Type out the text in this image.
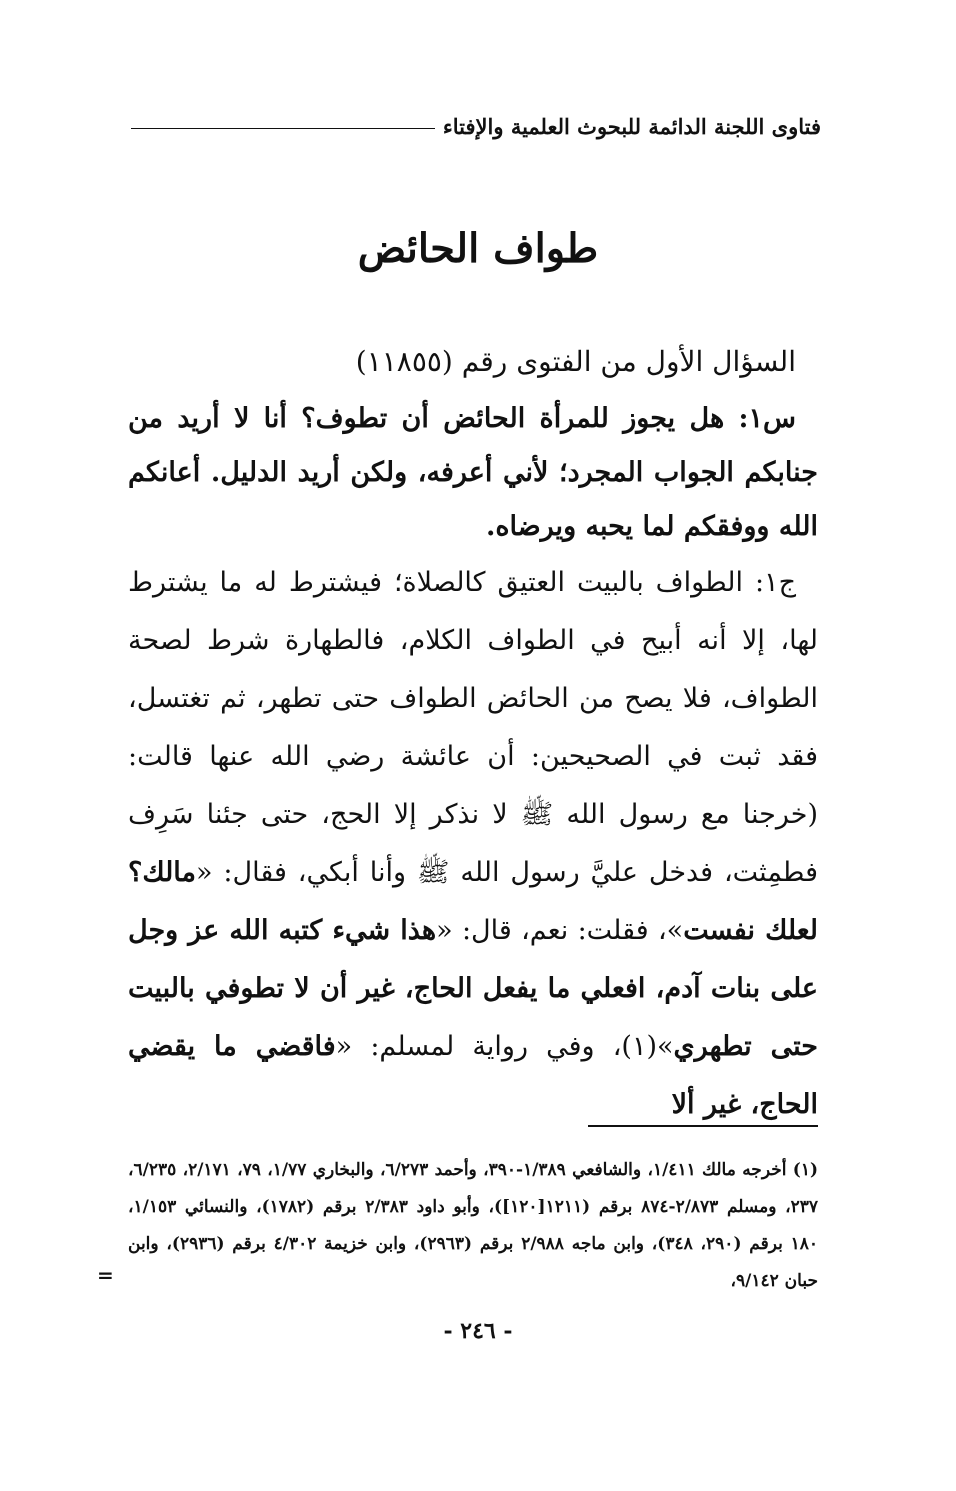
فتاوى اللجنة الدائمة للبحوث العلمية والإفتاء
طواف الحائض

السؤال الأول من الفتوى رقم (١١٨٥٥)

س١: هل يجوز للمرأة الحائض أن تطوف؟ أنا لا أريد من جنابكم الجواب المجرد؛ لأني أعرفه، ولكن أريد الدليل. أعانكم الله ووفقكم لما يحبه ويرضاه.

ج١: الطواف بالبيت العتيق كالصلاة؛ فيشترط له ما يشترط لها، إلا أنه أبيح في الطواف الكلام، فالطهارة شرط لصحة الطواف، فلا يصح من الحائض الطواف حتى تطهر، ثم تغتسل، فقد ثبت في الصحيحين: أن عائشة رضي الله عنها قالت: (خرجنا مع رسول الله ﷺ لا نذكر إلا الحج، حتى جئنا سَرِف فطمِثت، فدخل عليَّ رسول الله ﷺ وأنا أبكي، فقال: «مالك؟ لعلك نفست»، فقلت: نعم، قال: «هذا شيء كتبه الله عز وجل على بنات آدم، افعلي ما يفعل الحاج، غير أن لا تطوفي بالبيت حتى تطهري»(١)، وفي رواية لمسلم: «فاقضي ما يقضي الحاج، غير ألا

(١) أخرجه مالك ١/٤١١، والشافعي ١/٣٨٩-٣٩٠، وأحمد ٦/٢٧٣، والبخاري ١/٧٧، ٧٩، ٢/١٧١، ٦/٢٣٥، ٢٣٧، ومسلم ٢/٨٧٣-٨٧٤ برقم (١٢١١[١٢٠])، وأبو داود ٢/٣٨٣ برقم (١٧٨٢)، والنسائي ١/١٥٣، ١٨٠ برقم (٢٩٠، ٣٤٨)، وابن ماجه ٢/٩٨٨ برقم (٢٩٦٣)، وابن خزيمة ٤/٣٠٢ برقم (٢٩٣٦)، وابن حبان ٩/١٤٢،
=
- ٢٤٦ -
